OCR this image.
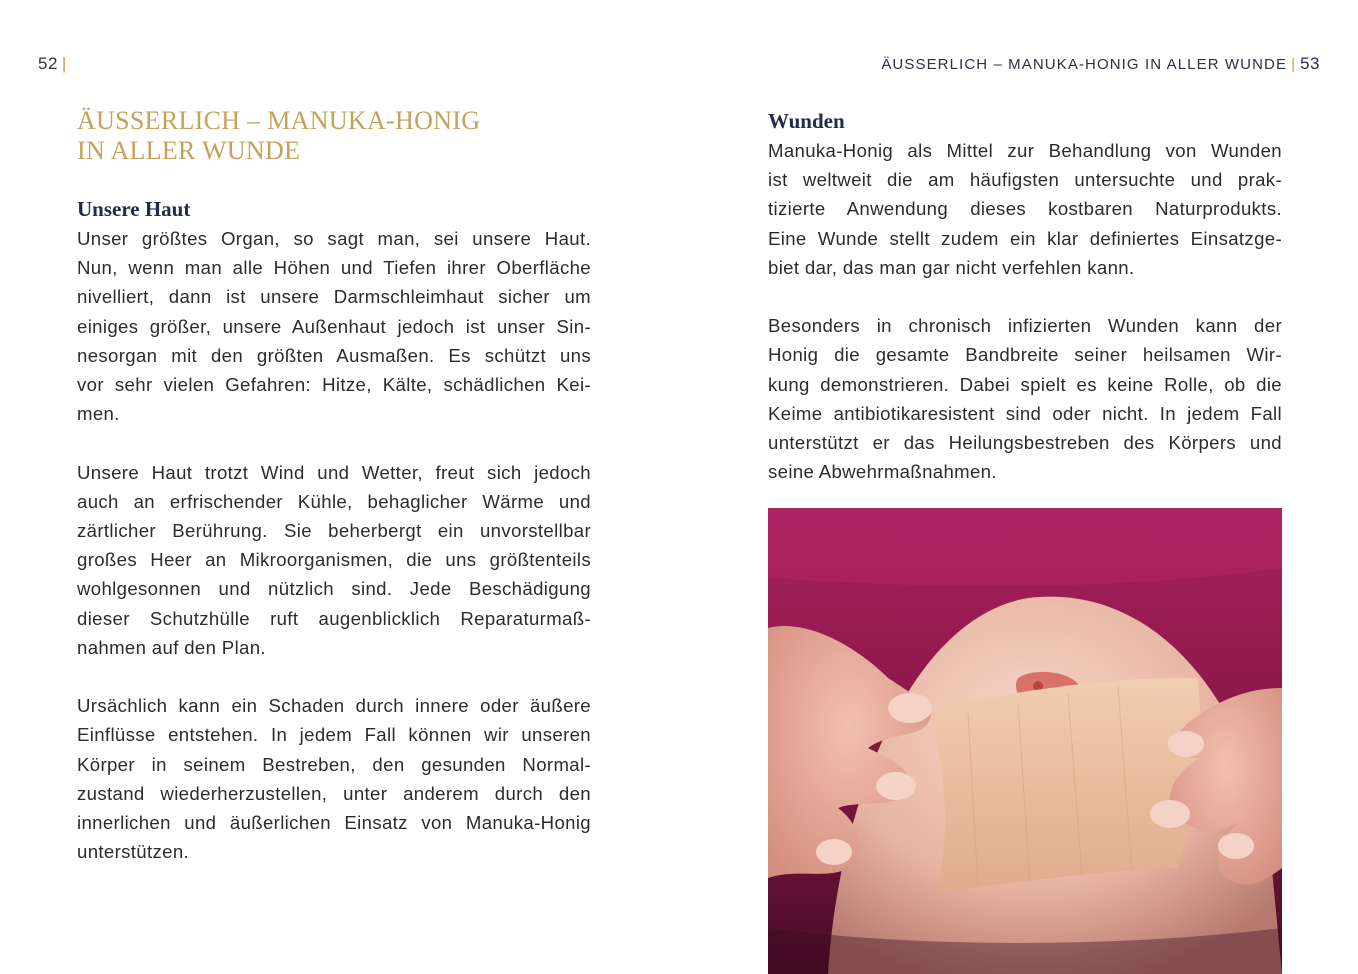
52 |
ÄUSSERLICH – MANUKA-HONIG
IN ALLER WUNDE
Unsere Haut

Unser größtes Organ, so sagt man, sei unsere Haut.
Nun, wenn man alle Höhen und Tiefen ihrer Oberfläche
nivelliert, dann ist unsere Darmschleimhaut sicher um
einiges größer, unsere Außenhaut jedoch ist unser Sin-
nesorgan mit den größten Ausmaßen. Es schützt uns
vor sehr vielen Gefahren: Hitze, Kälte, schädlichen Kei-
men.

Unsere Haut trotzt Wind und Wetter, freut sich jedoch
auch an erfrischender Kühle, behaglicher Wärme und
zärtlicher Berührung. Sie beherbergt ein unvorstellbar
großes Heer an Mikroorganismen, die uns größtenteils
wohlgesonnen und nützlich sind. Jede Beschädigung
dieser Schutzhülle ruft augenblicklich Reparaturmaß-
nahmen auf den Plan.

Ursächlich kann ein Schaden durch innere oder äußere
Einflüsse entstehen. In jedem Fall können wir unseren
Körper in seinem Bestreben, den gesunden Normal-
zustand wiederherzustellen, unter anderem durch den
innerlichen und äußerlichen Einsatz von Manuka-Honig
unterstützen.

ÄUSSERLICH – MANUKA-HONIG IN ALLER WUNDE | 53
Wunden

Manuka-Honig als Mittel zur Behandlung von Wunden
ist weltweit die am häufigsten untersuchte und prak-
tizierte Anwendung dieses kostbaren Naturprodukts.
Eine Wunde stellt zudem ein klar definiertes Einsatzge-
biet dar, das man gar nicht verfehlen kann.

Besonders in chronisch infizierten Wunden kann der
Honig die gesamte Bandbreite seiner heilsamen Wir-
kung demonstrieren. Dabei spielt es keine Rolle, ob die
Keime antibiotikaresistent sind oder nicht. In jedem Fall
unterstützt er das Heilungsbestreben des Körpers und
seine Abwehrmaßnahmen.
